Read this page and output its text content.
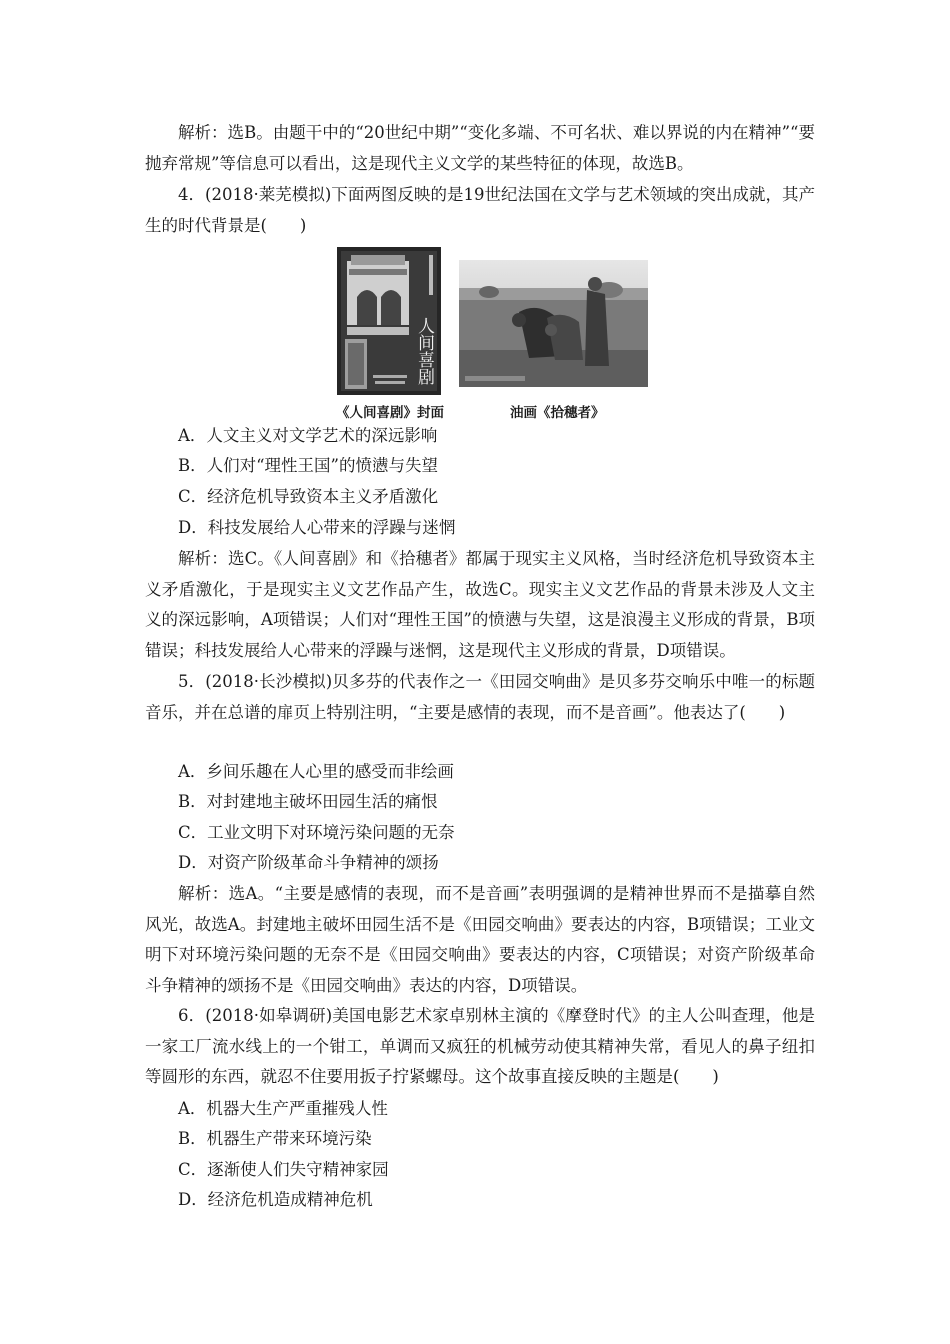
解析：选B。由题干中的“20世纪中期”“变化多端、不可名状、难以界说的内在精神”“要抛弃常规”等信息可以看出，这是现代主义文学的某些特征的体现，故选B。

4．(2018·莱芜模拟)下面两图反映的是19世纪法国在文学与艺术领域的突出成就，其产生的时代背景是(　　)

人间喜剧
《人间喜剧》封面	油画《拾穗者》

A．人文主义对文学艺术的深远影响

B．人们对“理性王国”的愤懑与失望

C．经济危机导致资本主义矛盾激化

D．科技发展给人心带来的浮躁与迷惘

解析：选C。《人间喜剧》和《拾穗者》都属于现实主义风格，当时经济危机导致资本主义矛盾激化，于是现实主义文艺作品产生，故选C。现实主义文艺作品的背景未涉及人文主义的深远影响，A项错误；人们对“理性王国”的愤懑与失望，这是浪漫主义形成的背景，B项错误；科技发展给人心带来的浮躁与迷惘，这是现代主义形成的背景，D项错误。

5．(2018·长沙模拟)贝多芬的代表作之一《田园交响曲》是贝多芬交响乐中唯一的标题音乐，并在总谱的扉页上特别注明，“主要是感情的表现，而不是音画”。他表达了(　　)

A．乡间乐趣在人心里的感受而非绘画

B．对封建地主破坏田园生活的痛恨

C．工业文明下对环境污染问题的无奈

D．对资产阶级革命斗争精神的颂扬

解析：选A。“主要是感情的表现，而不是音画”表明强调的是精神世界而不是描摹自然风光，故选A。封建地主破坏田园生活不是《田园交响曲》要表达的内容，B项错误；工业文明下对环境污染问题的无奈不是《田园交响曲》要表达的内容，C项错误；对资产阶级革命斗争精神的颂扬不是《田园交响曲》表达的内容，D项错误。

6．(2018·如皋调研)美国电影艺术家卓别林主演的《摩登时代》的主人公叫查理，他是一家工厂流水线上的一个钳工，单调而又疯狂的机械劳动使其精神失常，看见人的鼻子纽扣等圆形的东西，就忍不住要用扳子拧紧螺母。这个故事直接反映的主题是(　　)

A．机器大生产严重摧残人性

B．机器生产带来环境污染

C．逐渐使人们失守精神家园

D．经济危机造成精神危机
